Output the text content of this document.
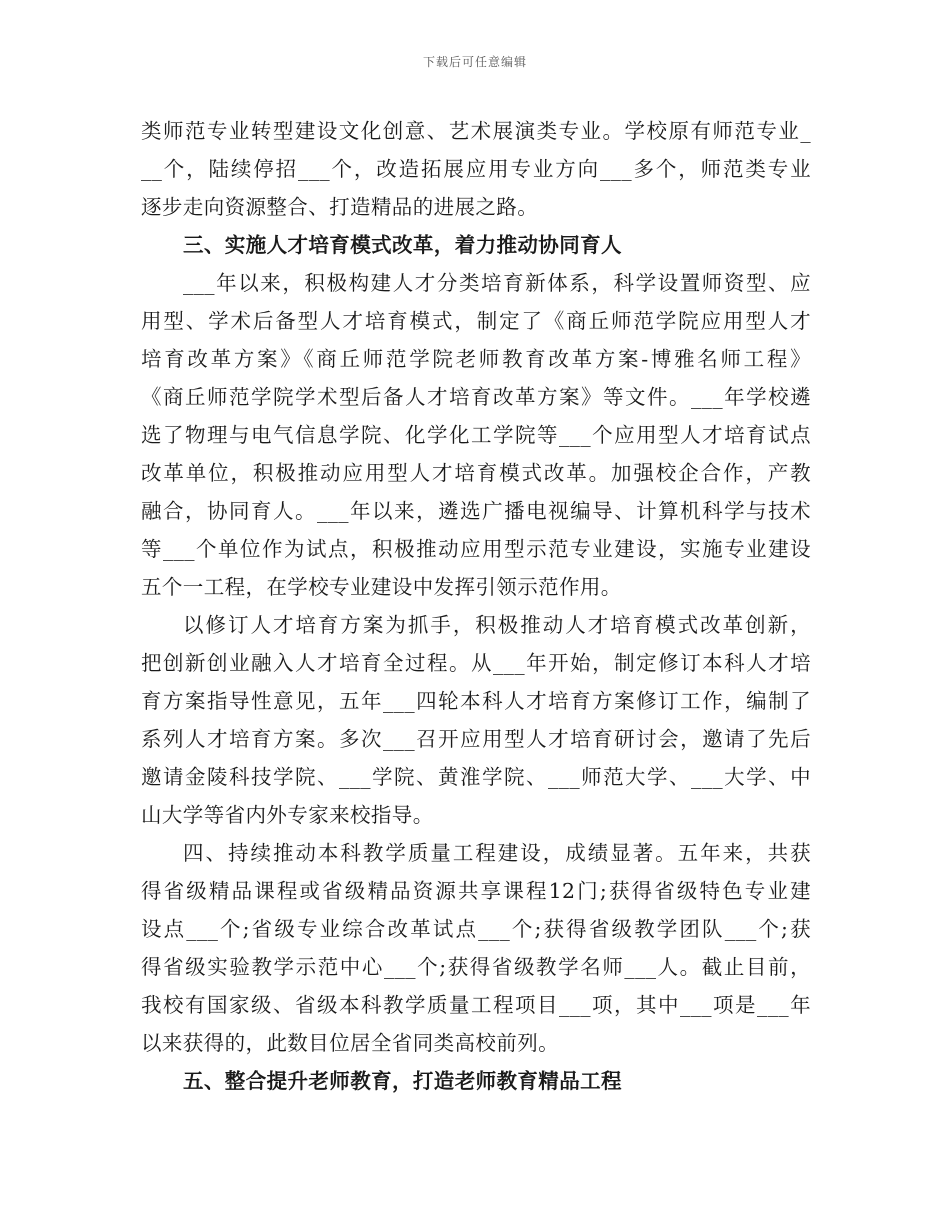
下载后可任意编辑
类师范专业转型建设文化创意、艺术展演类专业。学校原有师范专业_
__个，陆续停招___个，改造拓展应用专业方向___多个，师范类专业
逐步走向资源整合、打造精品的进展之路。
三、实施人才培育模式改革，着力推动协同育人
___年以来，积极构建人才分类培育新体系，科学设置师资型、应
用型、学术后备型人才培育模式，制定了《商丘师范学院应用型人才
培育改革方案》《商丘师范学院老师教育改革方案-博雅名师工程》
《商丘师范学院学术型后备人才培育改革方案》等文件。___年学校遴
选了物理与电气信息学院、化学化工学院等___个应用型人才培育试点
改革单位，积极推动应用型人才培育模式改革。加强校企合作，产教
融合，协同育人。___年以来，遴选广播电视编导、计算机科学与技术
等___个单位作为试点，积极推动应用型示范专业建设，实施专业建设
五个一工程，在学校专业建设中发挥引领示范作用。
以修订人才培育方案为抓手，积极推动人才培育模式改革创新，
把创新创业融入人才培育全过程。从___年开始，制定修订本科人才培
育方案指导性意见，五年___四轮本科人才培育方案修订工作，编制了
系列人才培育方案。多次___召开应用型人才培育研讨会，邀请了先后
邀请金陵科技学院、___学院、黄淮学院、___师范大学、___大学、中
山大学等省内外专家来校指导。
四、持续推动本科教学质量工程建设，成绩显著。五年来，共获
得省级精品课程或省级精品资源共享课程12门;获得省级特色专业建
设点___个;省级专业综合改革试点___个;获得省级教学团队___个;获
得省级实验教学示范中心___个;获得省级教学名师___人。截止目前，
我校有国家级、省级本科教学质量工程项目___项，其中___项是___年
以来获得的，此数目位居全省同类高校前列。
五、整合提升老师教育，打造老师教育精品工程
